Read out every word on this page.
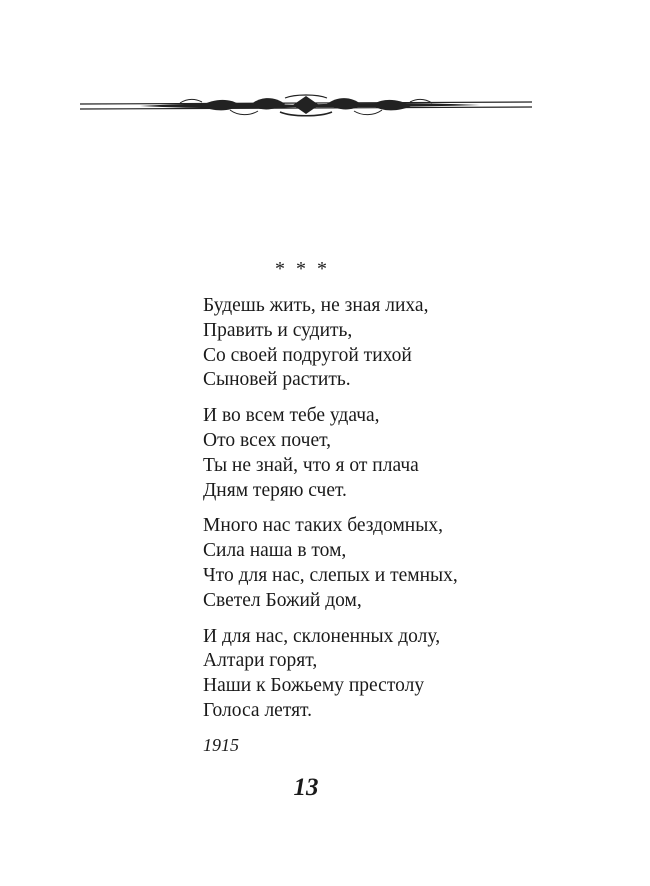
* * *
Будешь жить, не зная лиха,
Править и судить,
Со своей подругой тихой
Сыновей растить.
И во всем тебе удача,
Ото всех почет,
Ты не знай, что я от плача
Дням теряю счет.
Много нас таких бездомных,
Сила наша в том,
Что для нас, слепых и темных,
Светел Божий дом,
И для нас, склоненных долу,
Алтари горят,
Наши к Божьему престолу
Голоса летят.
1915
13
